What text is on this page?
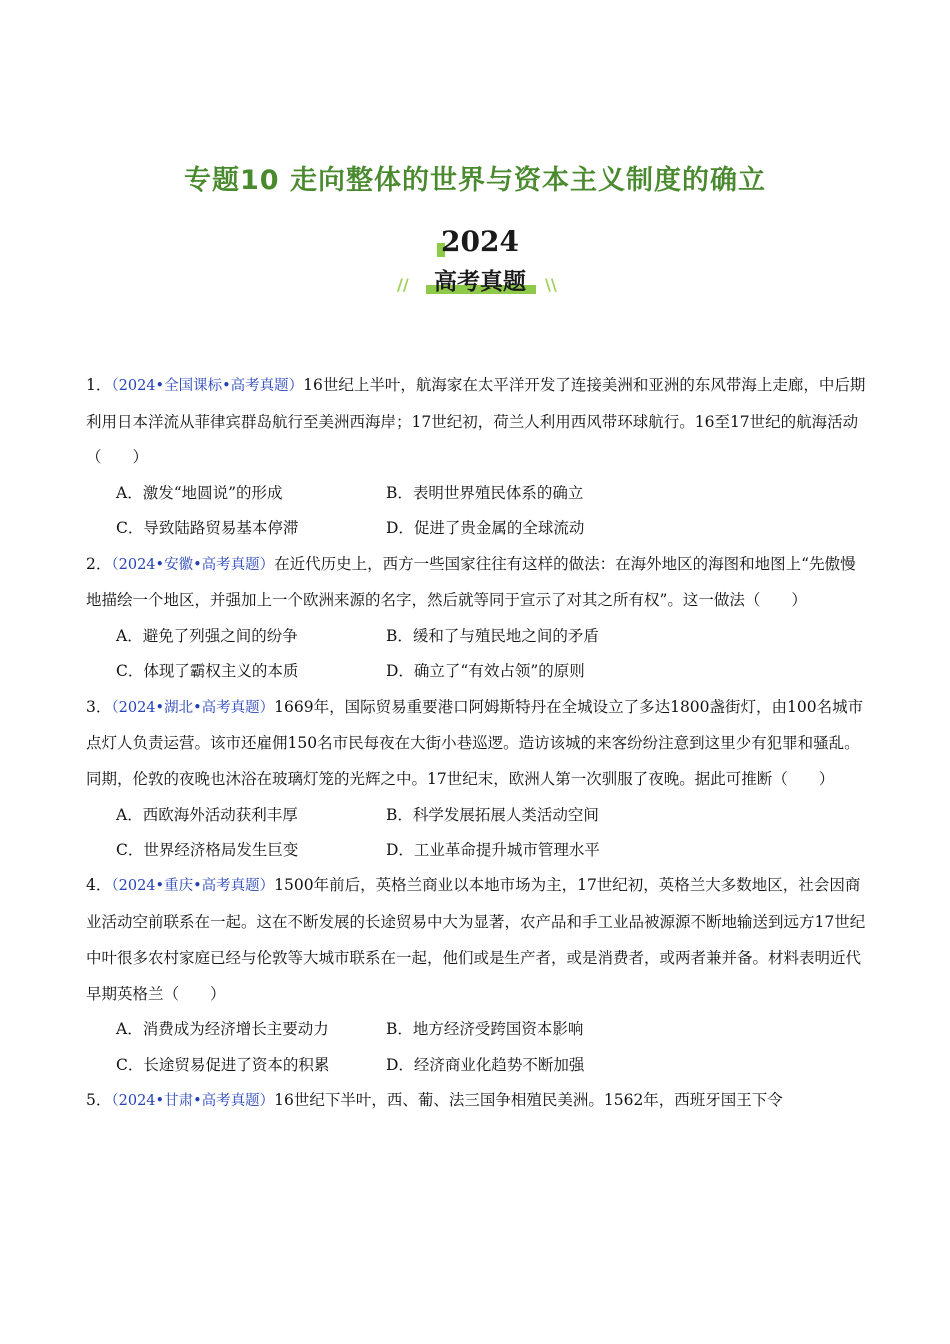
专题10 走向整体的世界与资本主义制度的确立
2024
高考真题
//	\\
1．（2024•全国课标•高考真题）16世纪上半叶，航海家在太平洋开发了连接美洲和亚洲的东风带海上走廊，中后期利用日本洋流从菲律宾群岛航行至美洲西海岸；17世纪初，荷兰人利用西风带环球航行。16至17世纪的航海活动（　　）
A．激发“地圆说”的形成	B．表明世界殖民体系的确立
C．导致陆路贸易基本停滞	D．促进了贵金属的全球流动
2．（2024•安徽•高考真题）在近代历史上，西方一些国家往往有这样的做法：在海外地区的海图和地图上“先傲慢地描绘一个地区，并强加上一个欧洲来源的名字，然后就等同于宣示了对其之所有权”。这一做法（　　）
A．避免了列强之间的纷争	B．缓和了与殖民地之间的矛盾
C．体现了霸权主义的本质	D．确立了“有效占领”的原则
3．（2024•湖北•高考真题）1669年，国际贸易重要港口阿姆斯特丹在全城设立了多达1800盏街灯，由100名城市点灯人负责运营。该市还雇佣150名市民每夜在大街小巷巡逻。造访该城的来客纷纷注意到这里少有犯罪和骚乱。同期，伦敦的夜晚也沐浴在玻璃灯笼的光辉之中。17世纪末，欧洲人第一次驯服了夜晚。据此可推断（　　）
A．西欧海外活动获利丰厚	B．科学发展拓展人类活动空间
C．世界经济格局发生巨变	D．工业革命提升城市管理水平
4．（2024•重庆•高考真题）1500年前后，英格兰商业以本地市场为主，17世纪初，英格兰大多数地区，社会因商业活动空前联系在一起。这在不断发展的长途贸易中大为显著，农产品和手工业品被源源不断地输送到远方17世纪中叶很多农村家庭已经与伦敦等大城市联系在一起，他们或是生产者，或是消费者，或两者兼并备。材料表明近代早期英格兰（　　）
A．消费成为经济增长主要动力	B．地方经济受跨国资本影响
C．长途贸易促进了资本的积累	D．经济商业化趋势不断加强
5．（2024•甘肃•高考真题）16世纪下半叶，西、葡、法三国争相殖民美洲。1562年，西班牙国王下令
